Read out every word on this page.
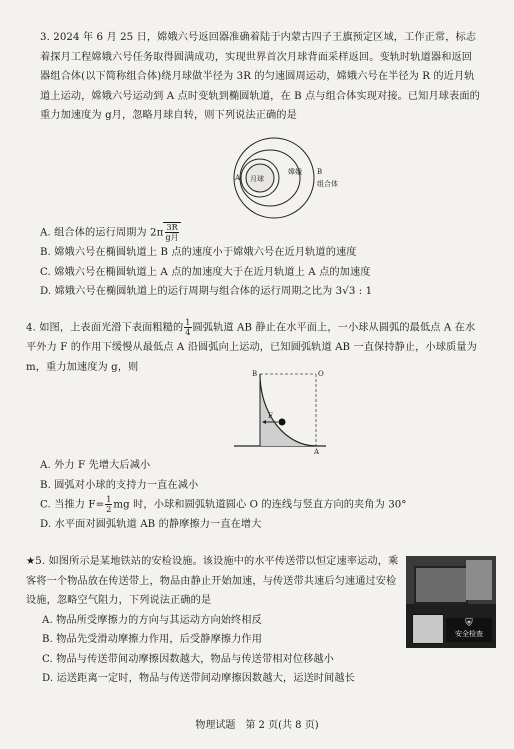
3. 2024 年 6 月 25 日，嫦娥六号返回器准确着陆于内蒙古四子王旗预定区域，工作正常，标志着探月工程嫦娥六号任务取得圆满成功，实现世界首次月球背面采样返回。变轨时轨道器和返回器组合体(以下简称组合体)绕月球做半径为 3R 的匀速圆周运动，嫦娥六号在半径为 R 的近月轨道上运动，嫦娥六号运动到 A 点时变轨到椭圆轨道，在 B 点与组合体实现对接。已知月球表面的重力加速度为 g月，忽略月球自转，则下列说法正确的是
月球
A
嫦娥 B
组合体
A. 组合体的运行周期为 $2\pi \frac{3R}{\text{g月}}$
B. 嫦娥六号在椭圆轨道上 B 点的速度小于嫦娥六号在近月轨道的速度
C. 嫦娥六号在椭圆轨道上 A 点的加速度大于在近月轨道上 A 点的加速度
D. 嫦娥六号在椭圆轨道上的运行周期与组合体的运行周期之比为 3√3 : 1
4. 如图，上表面光滑下表面粗糙的 $\frac{1}{4}$ 圆弧轨道 AB 静止在水平面上，一小球从圆弧的最低点 A 在水平外力 F 的作用下缓慢从最低点 A 沿圆弧向上运动，已知圆弧轨道 AB 一直保持静止，小球质量为 m，重力加速度为 g，则
B	O
F
A
A. 外力 F 先增大后减小
B. 圆弧对小球的支持力一直在减小
C. 当推力 $F= \frac{1}{2}$ mg 时，小球和圆弧轨道圆心 O 的连线与竖直方向的夹角为 30°
D. 水平面对圆弧轨道 AB 的静摩擦力一直在增大
★5. 如图所示是某地铁站的安检设施。该设施中的水平传送带以恒定速率运动，乘客将一个物品放在传送带上，物品由静止开始加速，与传送带共速后匀速通过安检设施，忽略空气阻力，下列说法正确的是
A. 物品所受摩擦力的方向与其运动方向始终相反
B. 物品先受滑动摩擦力作用，后受静摩擦力作用
C. 物品与传送带间动摩擦因数越大，物品与传送带相对位移越小
D. 运送距离一定时，物品与传送带间动摩擦因数越大，运送时间越长
⛨
安全检查
物理试题　第 2 页(共 8 页)
